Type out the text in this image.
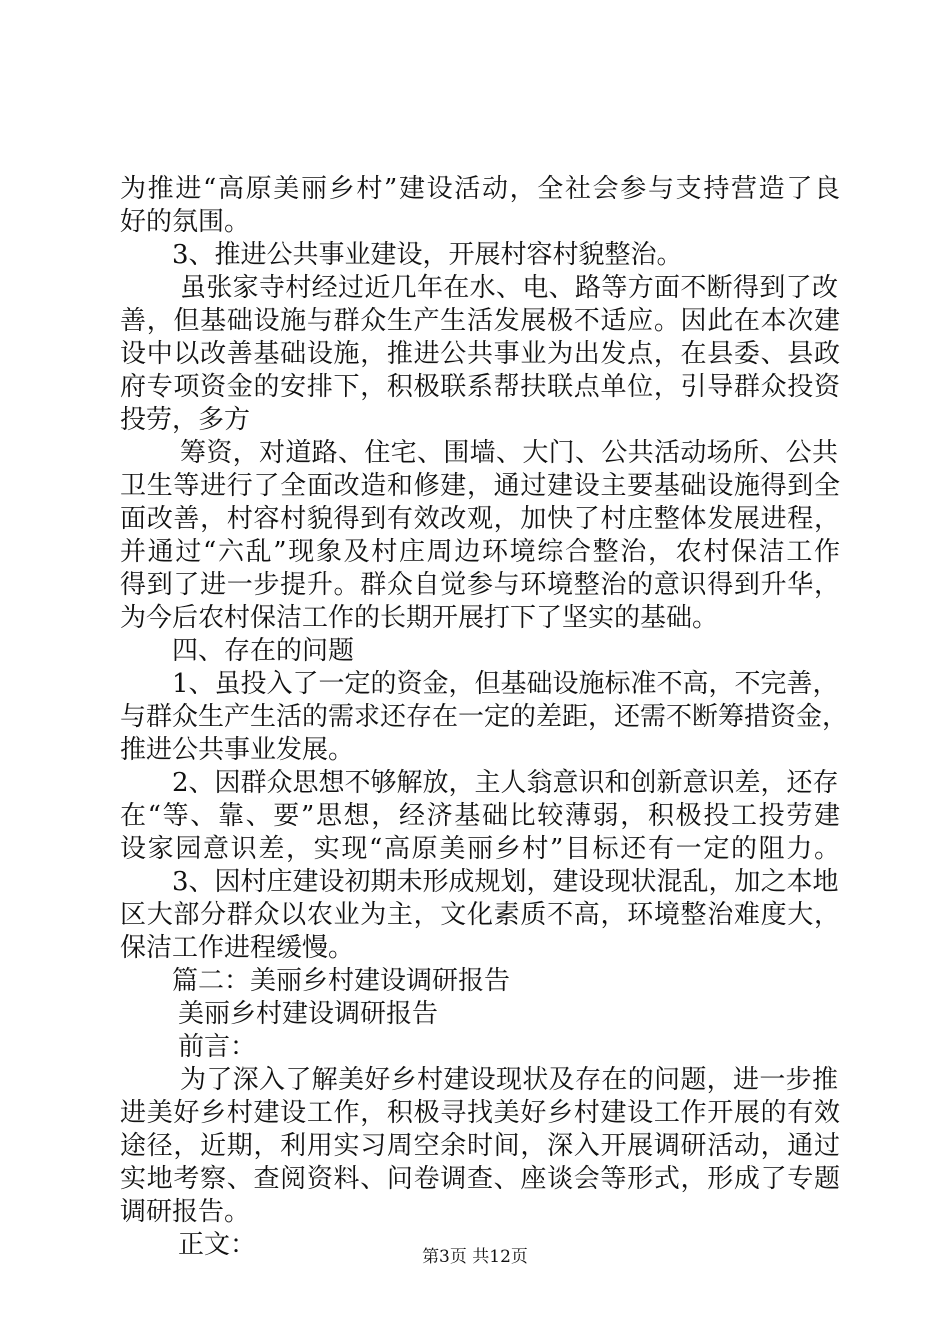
为推进“高原美丽乡村”建设活动，全社会参与支持营造了良
好的氛围。
3、推进公共事业建设，开展村容村貌整治。
虽张家寺村经过近几年在水、电、路等方面不断得到了改
善，但基础设施与群众生产生活发展极不适应。因此在本次建
设中以改善基础设施，推进公共事业为出发点，在县委、县政
府专项资金的安排下，积极联系帮扶联点单位，引导群众投资
投劳，多方
筹资，对道路、住宅、围墙、大门、公共活动场所、公共
卫生等进行了全面改造和修建，通过建设主要基础设施得到全
面改善，村容村貌得到有效改观，加快了村庄整体发展进程，
并通过“六乱”现象及村庄周边环境综合整治，农村保洁工作
得到了进一步提升。群众自觉参与环境整治的意识得到升华，
为今后农村保洁工作的长期开展打下了坚实的基础。
四、存在的问题
1、虽投入了一定的资金，但基础设施标准不高，不完善，
与群众生产生活的需求还存在一定的差距，还需不断筹措资金，
推进公共事业发展。
2、因群众思想不够解放，主人翁意识和创新意识差，还存
在“等、靠、要”思想，经济基础比较薄弱，积极投工投劳建
设家园意识差，实现“高原美丽乡村”目标还有一定的阻力。
3、因村庄建设初期未形成规划，建设现状混乱，加之本地
区大部分群众以农业为主，文化素质不高，环境整治难度大，
保洁工作进程缓慢。
篇二：美丽乡村建设调研报告
美丽乡村建设调研报告
前言：
为了深入了解美好乡村建设现状及存在的问题，进一步推
进美好乡村建设工作，积极寻找美好乡村建设工作开展的有效
途径，近期，利用实习周空余时间，深入开展调研活动，通过
实地考察、查阅资料、问卷调查、座谈会等形式，形成了专题
调研报告。
正文：	第3页 共12页
